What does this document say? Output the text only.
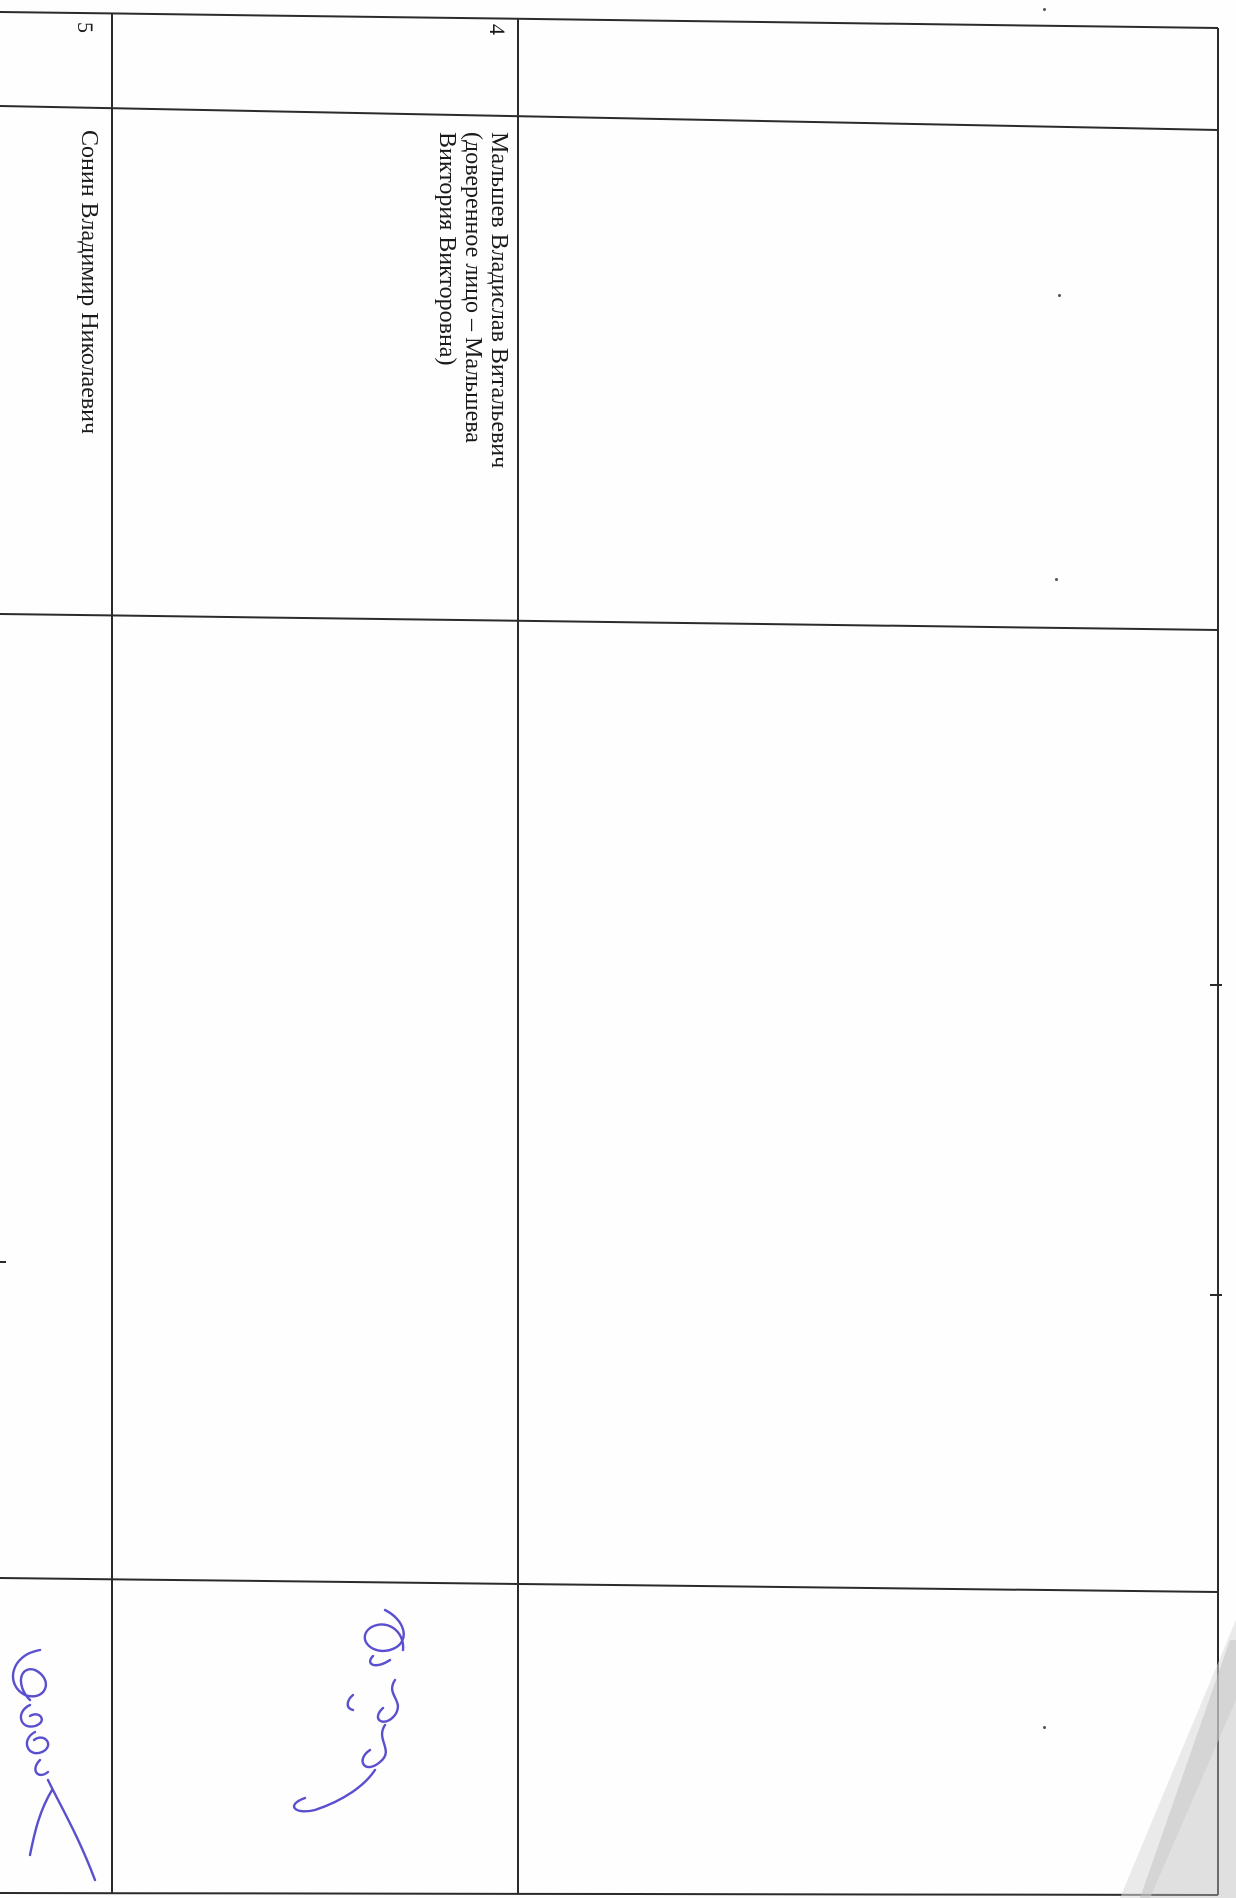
4
Мальшев Владислав Витальевич
(доверенное лицо – Мальшева
Виктория Викторовна)
5
Сонин Владимир Николаевич
